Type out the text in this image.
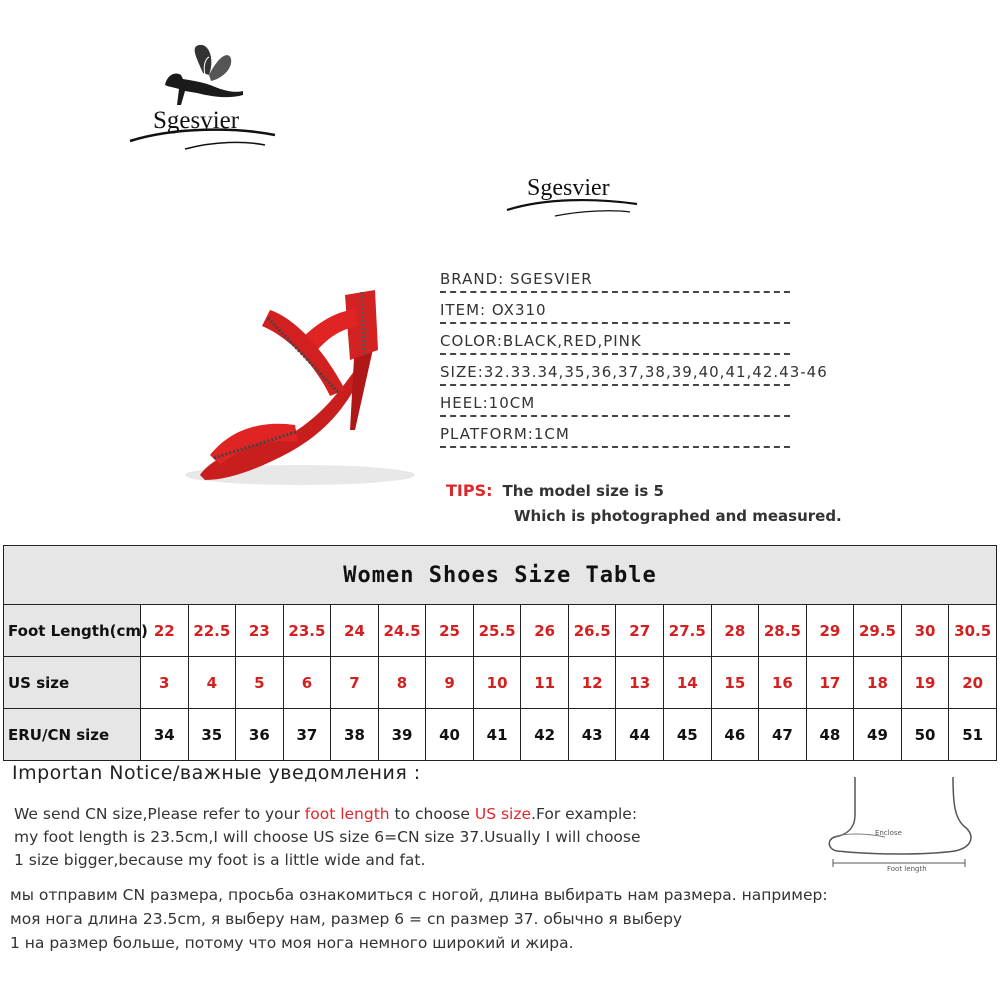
Sgesvier
Sgesvier
BRAND: SGESVIER
ITEM: OX310
COLOR:BLACK,RED,PINK
SIZE:32.33.34,35,36,37,38,39,40,41,42.43-46
HEEL:10CM
PLATFORM:1CM
TIPS: The model size is 5
Which is photographed and measured.
Women Shoes Size Table																		
Foot Length(cm)	22	22.5	23	23.5	24	24.5	25	25.5	26	26.5	27	27.5	28	28.5	29	29.5	30	30.5
US size	3	4	5	6	7	8	9	10	11	12	13	14	15	16	17	18	19	20
ERU/CN size	34	35	36	37	38	39	40	41	42	43	44	45	46	47	48	49	50	51
Importan Notice/важные уведомления :
We send CN size,Please refer to your foot length to choose US size.For example:
my foot length is 23.5cm,I will choose US size 6=CN size 37.Usually I will choose
1 size bigger,because my foot is a little wide and fat.
мы отправим CN размера, просьба ознакомиться с ногой, длина выбирать нам размера. например:
моя нога длина 23.5cm, я выберу нам, размер 6 = cn размер 37. обычно я выберу
1 на размер больше, потому что моя нога немного широкий и жира.
Enclose
Foot length
